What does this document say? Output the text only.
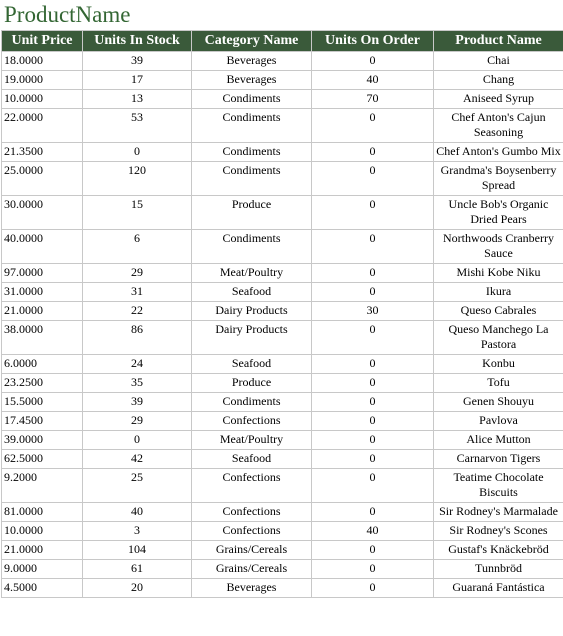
ProductName
Unit Price	Units In Stock	Category Name	Units On Order	Product Name
18.0000	39	Beverages	0	Chai
19.0000	17	Beverages	40	Chang
10.0000	13	Condiments	70	Aniseed Syrup
22.0000	53	Condiments	0	Chef Anton's Cajun Seasoning
21.3500	0	Condiments	0	Chef Anton's Gumbo Mix
25.0000	120	Condiments	0	Grandma's Boysenberry Spread
30.0000	15	Produce	0	Uncle Bob's Organic Dried Pears
40.0000	6	Condiments	0	Northwoods Cranberry Sauce
97.0000	29	Meat/Poultry	0	Mishi Kobe Niku
31.0000	31	Seafood	0	Ikura
21.0000	22	Dairy Products	30	Queso Cabrales
38.0000	86	Dairy Products	0	Queso Manchego La Pastora
6.0000	24	Seafood	0	Konbu
23.2500	35	Produce	0	Tofu
15.5000	39	Condiments	0	Genen Shouyu
17.4500	29	Confections	0	Pavlova
39.0000	0	Meat/Poultry	0	Alice Mutton
62.5000	42	Seafood	0	Carnarvon Tigers
9.2000	25	Confections	0	Teatime Chocolate Biscuits
81.0000	40	Confections	0	Sir Rodney's Marmalade
10.0000	3	Confections	40	Sir Rodney's Scones
21.0000	104	Grains/Cereals	0	Gustaf's Knäckebröd
9.0000	61	Grains/Cereals	0	Tunnbröd
4.5000	20	Beverages	0	Guaraná Fantástica
